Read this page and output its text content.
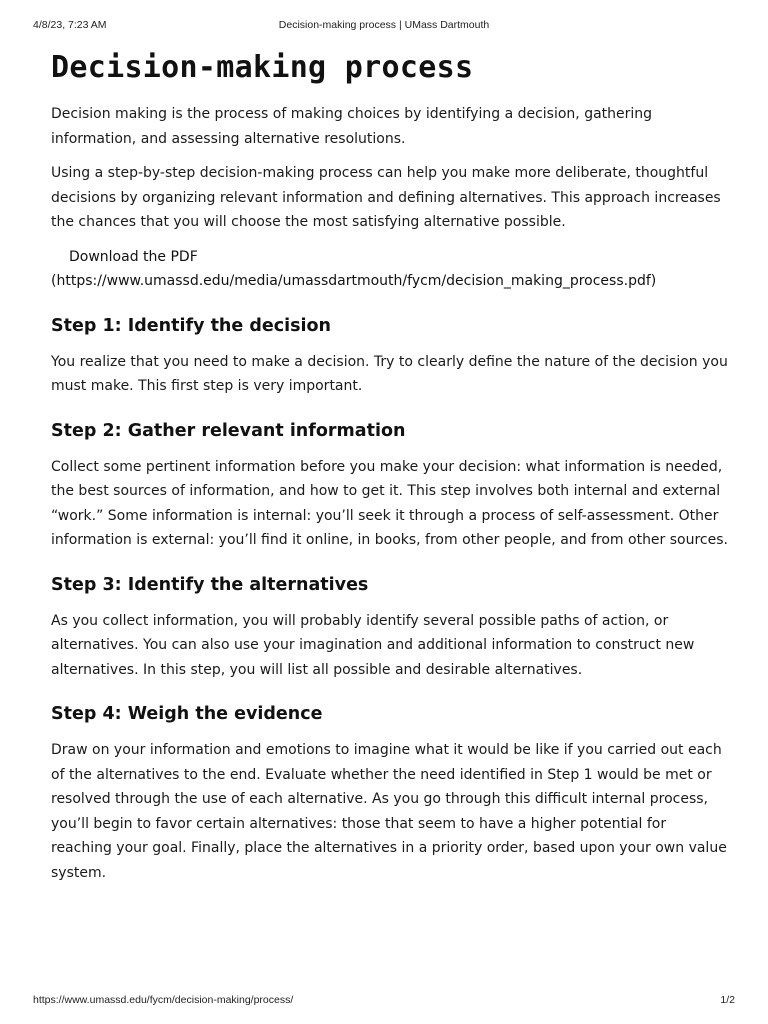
4/8/23, 7:23 AM	Decision-making process | UMass Dartmouth
Decision-making process

Decision making is the process of making choices by identifying a decision, gathering information, and assessing alternative resolutions.

Using a step-by-step decision-making process can help you make more deliberate, thoughtful decisions by organizing relevant information and defining alternatives. This approach increases the chances that you will choose the most satisfying alternative possible.

Download the PDF
(https://www.umassd.edu/media/umassdartmouth/fycm/decision_making_process.pdf)
Step 1: Identify the decision

You realize that you need to make a decision. Try to clearly define the nature of the decision you must make. This first step is very important.

Step 2: Gather relevant information

Collect some pertinent information before you make your decision: what information is needed, the best sources of information, and how to get it. This step involves both internal and external “work.” Some information is internal: you’ll seek it through a process of self-assessment. Other information is external: you’ll find it online, in books, from other people, and from other sources.

Step 3: Identify the alternatives

As you collect information, you will probably identify several possible paths of action, or alternatives. You can also use your imagination and additional information to construct new alternatives. In this step, you will list all possible and desirable alternatives.

Step 4: Weigh the evidence

Draw on your information and emotions to imagine what it would be like if you carried out each of the alternatives to the end. Evaluate whether the need identified in Step 1 would be met or resolved through the use of each alternative. As you go through this difficult internal process, you’ll begin to favor certain alternatives: those that seem to have a higher potential for reaching your goal. Finally, place the alternatives in a priority order, based upon your own value system.

https://www.umassd.edu/fycm/decision-making/process/	1/2
